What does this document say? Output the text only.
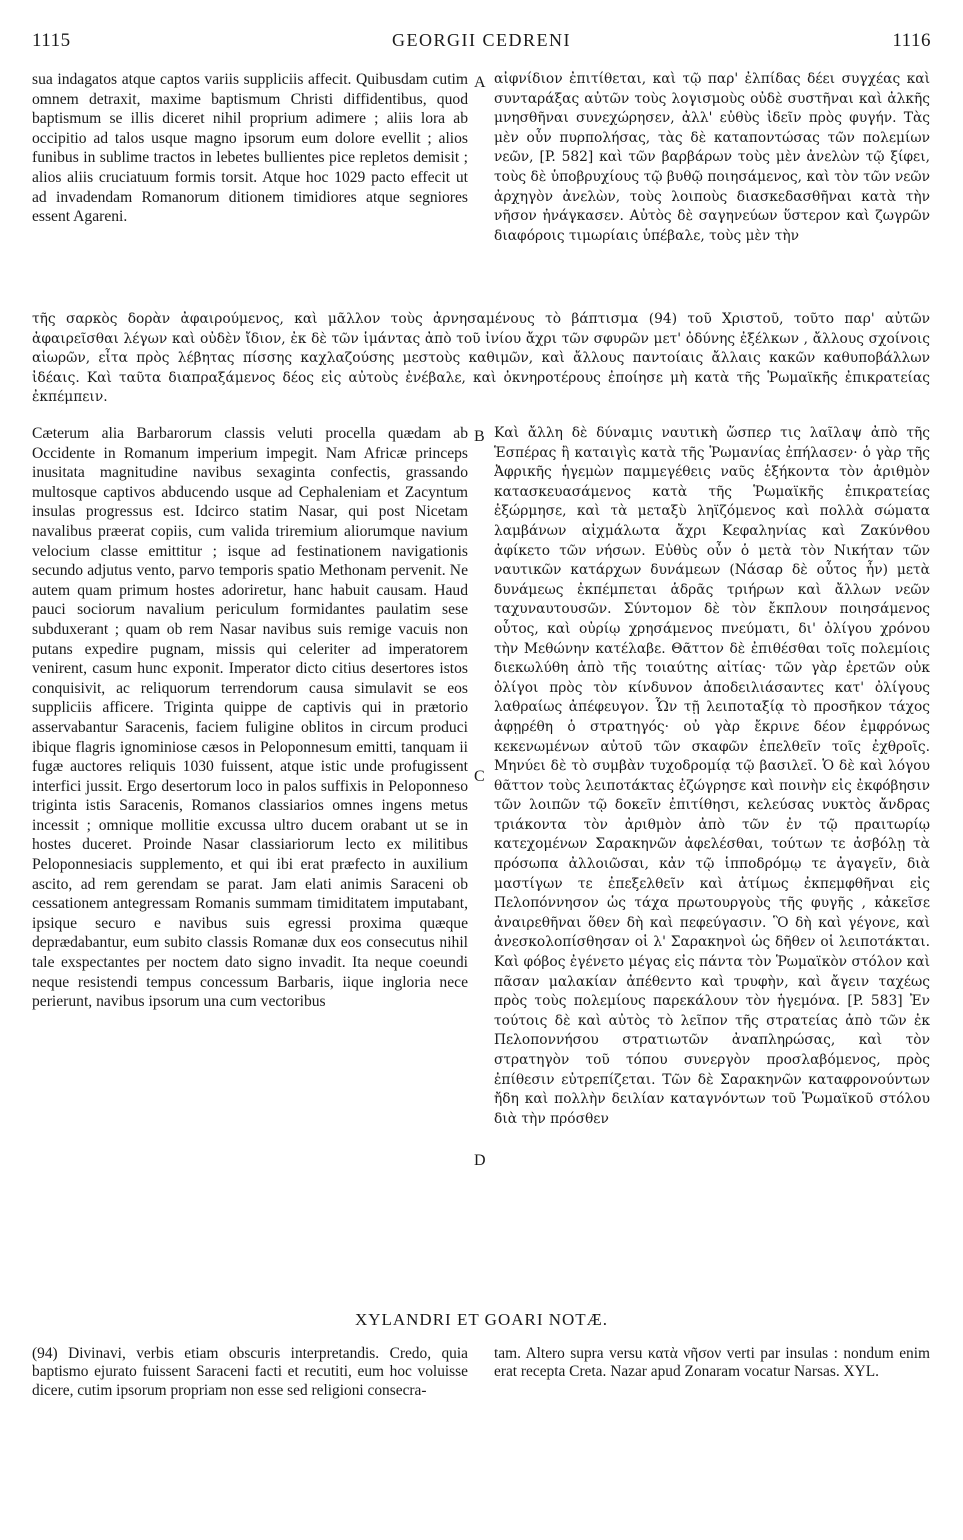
1115	GEORGII CEDRENI	1116

sua indagatos atque captos variis suppliciis affecit. Quibusdam cutim omnem detraxit, maxime baptismum Christi diffidentibus, quod baptismum se illis diceret nihil proprium adimere ; aliis lora ab occipitio ad talos usque magno ipsorum eum dolore evellit ; alios funibus in sublime tractos in lebetes bullientes pice repletos demisit ; alios aliis cruciatuum formis torsit. Atque hoc 1029 pacto effecit ut ad invadendam Romanorum ditionem timidiores atque segniores essent Agareni.

A αἰφνίδιον ἐπιτίθεται, καὶ τῷ παρ' ἐλπίδας δέει συγχέας καὶ συνταράξας αὐτῶν τοὺς λογισμοὺς οὐδὲ συστῆναι καὶ ἀλκῆς μνησθῆναι συνεχώρησεν, ἀλλ' εὐθὺς ἰδεῖν πρὸς φυγήν. Τὰς μὲν οὖν πυρπολήσας, τὰς δὲ καταποντώσας τῶν πολεμίων νεῶν, [P. 582] καὶ τῶν βαρβάρων τοὺς μὲν ἀνελὼν τῷ ξίφει, τοὺς δὲ ὑποβρυχίους τῷ βυθῷ ποιησάμενος, καὶ τὸν τῶν νεῶν ἀρχηγὸν ἀνελὼν, τοὺς λοιποὺς διασκεδασθῆναι κατὰ τὴν νῆσον ἠνάγκασεν. Αὐτὸς δὲ σαγηνεύων ὕστερον καὶ ζωγρῶν διαφόροις τιμωρίαις ὑπέβαλε, τοὺς μὲν τὴν

τῆς σαρκὸς δορὰν ἀφαιρούμενος, καὶ μᾶλλον τοὺς ἀρνησαμένους τὸ βάπτισμα (94) τοῦ Χριστοῦ, τοῦτο παρ' αὐτῶν ἀφαιρεῖσθαι λέγων καὶ οὐδὲν ἴδιον, ἐκ δὲ τῶν ἱμάντας ἀπὸ τοῦ ἰνίου ἄχρι τῶν σφυρῶν μετ' ὀδύνης ἐξέλκων , ἄλλους σχοίνοις αἰωρῶν, εἶτα πρὸς λέβητας πίσσης καχλαζούσης μεστοὺς καθιμῶν, καὶ ἄλλους παντοίαις ἄλλαις κακῶν καθυποβάλλων ἰδέαις. Καὶ ταῦτα διαπραξάμενος δέος εἰς αὐτοὺς ἐνέβαλε, καὶ ὀκνηροτέρους ἐποίησε μὴ κατὰ τῆς Ῥωμαϊκῆς ἐπικρατείας ἐκπέμπειν.

Cæterum alia Barbarorum classis veluti procella quædam ab Occidente in Romanum imperium impegit. Nam Africæ princeps inusitata magnitudine navibus sexaginta confectis, grassando multosque captivos abducendo usque ad Cephaleniam et Zacyntum insulas progressus est. Idcirco statim Nasar, qui post Nicetam navalibus præerat copiis, cum valida triremium aliorumque navium velocium classe emittitur ; isque ad festinationem navigationis secundo adjutus vento, parvo temporis spatio Methonam pervenit. Ne autem quam primum hostes adoriretur, hanc habuit causam. Haud pauci sociorum navalium periculum formidantes paulatim sese subduxerant ; quam ob rem Nasar navibus suis remige vacuis non putans expedire pugnam, missis qui celeriter ad imperatorem venirent, casum hunc exponit. Imperator dicto citius desertores istos conquisivit, ac reliquorum terrendorum causa simulavit se eos suppliciis afficere. Triginta quippe de captivis qui in prætorio asservabantur Saracenis, faciem fuligine oblitos in circum produci ibique flagris ignominiose cæsos in Peloponnesum emitti, tanquam ii fugæ auctores reliquis 1030 fuissent, atque istic unde profugissent interfici jussit. Ergo desertorum loco in palos suffixis in Peloponneso triginta istis Saracenis, Romanos classiarios omnes ingens metus incessit ; omnique mollitie excussa ultro ducem orabant ut se in hostes duceret. Proinde Nasar classiariorum lecto ex militibus Peloponnesiacis supplemento, et qui ibi erat præfecto in auxilium ascito, ad rem gerendam se parat. Jam elati animis Saraceni ob cessationem antegressam Romanis summam timiditatem imputabant, ipsique securo e navibus suis egressi proxima quæque deprædabantur, eum subito classis Romanæ dux eos consecutus nihil tale exspectantes per noctem dato signo invadit. Ita neque coeundi neque resistendi tempus concessum Barbaris, iique ingloria nece perierunt, navibus ipsorum una cum vectoribus

B
C
D

Καὶ ἄλλη δὲ δύναμις ναυτικὴ ὥσπερ τις λαῖλαψ ἀπὸ τῆς Ἑσπέρας ἢ καταιγὶς κατὰ τῆς Ῥωμανίας ἐπήλασεν· ὁ γὰρ τῆς Ἀφρικῆς ἡγεμὼν παμμεγέθεις ναῦς ἑξήκοντα τὸν ἀριθμὸν κατασκευασάμενος κατὰ τῆς Ῥωμαϊκῆς ἐπικρατείας ἐξώρμησε, καὶ τὰ μεταξὺ ληϊζόμενος καὶ πολλὰ σώματα λαμβάνων αἰχμάλωτα ἄχρι Κεφαληνίας καὶ Ζακύνθου ἀφίκετο τῶν νήσων. Εὐθὺς οὖν ὁ μετὰ τὸν Νικήταν τῶν ναυτικῶν κατάρχων δυνάμεων (Νάσαρ δὲ οὗτος ἦν) μετὰ δυνάμεως ἐκπέμπεται ἁδρᾶς τριήρων καὶ ἄλλων νεῶν ταχυναυτουσῶν. Σύντομον δὲ τὸν ἔκπλουν ποιησάμενος οὗτος, καὶ οὐρίῳ χρησάμενος πνεύματι, δι' ὀλίγου χρόνου τὴν Μεθώνην κατέλαβε. Θᾶττον δὲ ἐπιθέσθαι τοῖς πολεμίοις διεκωλύθη ἀπὸ τῆς τοιαύτης αἰτίας· τῶν γὰρ ἐρετῶν οὐκ ὀλίγοι πρὸς τὸν κίνδυνον ἀποδειλιάσαντες κατ' ὀλίγους λαθραίως ἀπέφευγον. Ὧν τῇ λειποταξίᾳ τὸ προσῆκον τάχος ἀφῃρέθη ὁ στρατηγός· οὐ γὰρ ἔκρινε δέον ἐμφρόνως κεκενωμένων αὐτοῦ τῶν σκαφῶν ἐπελθεῖν τοῖς ἐχθροῖς. Μηνύει δὲ τὸ συμβὰν τυχοδρομίᾳ τῷ βασιλεῖ. Ὁ δὲ καὶ λόγου θᾶττον τοὺς λειποτάκτας ἐζώγρησε καὶ ποινὴν εἰς ἐκφόβησιν τῶν λοιπῶν τῷ δοκεῖν ἐπιτίθησι, κελεύσας νυκτὸς ἄνδρας τριάκοντα τὸν ἀριθμὸν ἀπὸ τῶν ἐν τῷ πραιτωρίῳ κατεχομένων Σαρακηνῶν ἀφελέσθαι, τούτων τε ἀσβόλῃ τὰ πρόσωπα ἀλλοιῶσαι, κἀν τῷ ἱπποδρόμῳ τε ἀγαγεῖν, διὰ μαστίγων τε ἐπεξελθεῖν καὶ ἀτίμως ἐκπεμφθῆναι εἰς Πελοπόννησον ὡς τάχα πρωτουργοὺς τῆς φυγῆς , κἀκεῖσε ἀναιρεθῆναι ὅθεν δὴ καὶ πεφεύγασιν. Ὃ δὴ καὶ γέγονε, καὶ ἀνεσκολοπίσθησαν οἱ λ' Σαρακηνοὶ ὡς δῆθεν οἱ λειποτάκται. Καὶ φόβος ἐγένετο μέγας εἰς πάντα τὸν Ῥωμαϊκὸν στόλον καὶ πᾶσαν μαλακίαν ἀπέθεντο καὶ τρυφὴν, καὶ ἄγειν ταχέως πρὸς τοὺς πολεμίους παρεκάλουν τὸν ἡγεμόνα. [P. 583] Ἐν τούτοις δὲ καὶ αὐτὸς τὸ λεῖπον τῆς στρατείας ἀπὸ τῶν ἐκ Πελοποννήσου στρατιωτῶν ἀναπληρώσας, καὶ τὸν στρατηγὸν τοῦ τόπου συνεργὸν προσλαβόμενος, πρὸς ἐπίθεσιν εὐτρεπίζεται. Τῶν δὲ Σαρακηνῶν καταφρονούντων ἤδη καὶ πολλὴν δειλίαν καταγνόντων τοῦ Ῥωμαϊκοῦ στόλου διὰ τὴν πρόσθεν

XYLANDRI ET GOARI NOTÆ.

(94) Divinavi, verbis etiam obscuris interpretandis. Credo, quia baptismo ejurato fuissent Saraceni facti et recutiti, eum hoc voluisse dicere, cutim ipsorum propriam non esse sed religioni consecra-

tam. Altero supra versu κατὰ νῆσον verti par insulas : nondum enim erat recepta Creta. Nazar apud Zonaram vocatur Narsas. XYL.
